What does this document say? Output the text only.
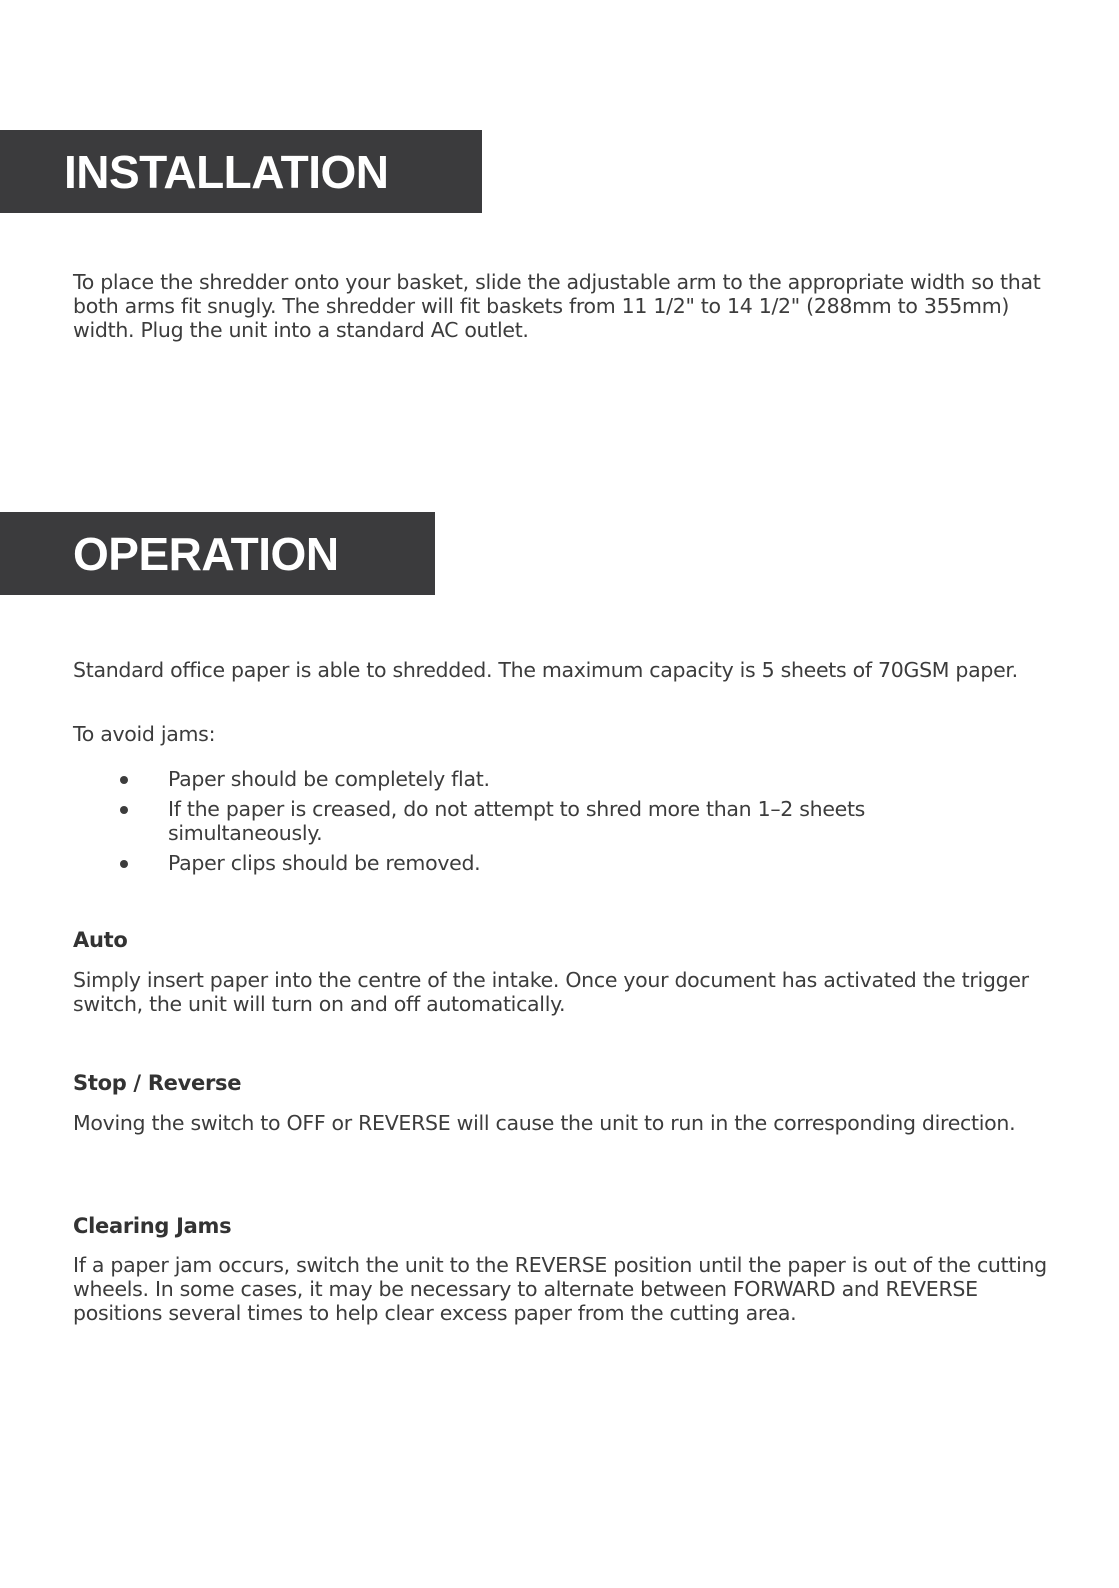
INSTALLATION

To place the shredder onto your basket, slide the adjustable arm to the appropriate width so that both arms fit snugly. The shredder will fit baskets from 11 1/2" to 14 1/2" (288mm to 355mm) width. Plug the unit into a standard AC outlet.

OPERATION

Standard office paper is able to shredded. The maximum capacity is 5 sheets of 70GSM paper.

To avoid jams:

Paper should be completely flat.
If the paper is creased, do not attempt to shred more than 1–2 sheets simultaneously.
Paper clips should be removed.
Auto

Simply insert paper into the centre of the intake. Once your document has activated the trigger switch, the unit will turn on and off automatically.

Stop / Reverse

Moving the switch to OFF or REVERSE will cause the unit to run in the corresponding direction.

Clearing Jams

If a paper jam occurs, switch the unit to the REVERSE position until the paper is out of the cutting wheels. In some cases, it may be necessary to alternate between FORWARD and REVERSE positions several times to help clear excess paper from the cutting area.
